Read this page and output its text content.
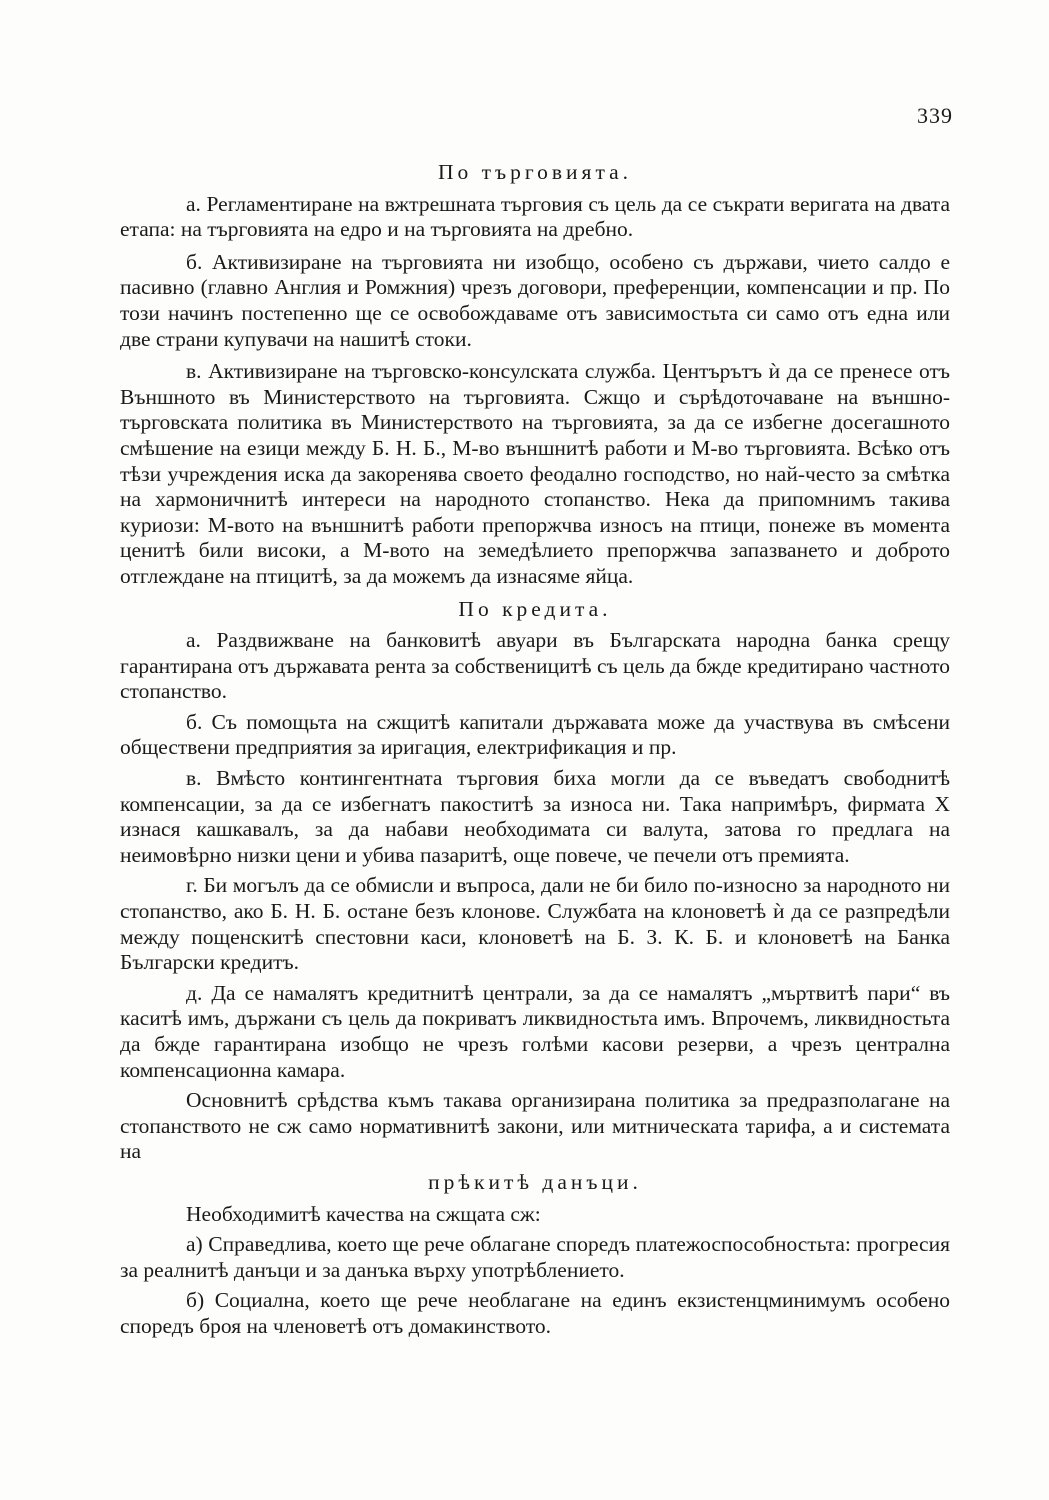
339
По търговията.

а. Регламентиране на вжтрешната търговия съ цель да се съкрати веригата на двата етапа: на търговията на едро и на търговията на дребно.

б. Активизиране на търговията ни изобщо, особено съ държави, чието салдо е пасивно (главно Англия и Ромжния) чрезъ договори, преференции, компенсации и пр. По този начинъ постепенно ще се освобождаваме отъ зависимостьта си само отъ една или две страни купувачи на нашитѣ стоки.

в. Активизиране на търговско-консулската служба. Центърътъ ѝ да се пренесе отъ Външното въ Министерството на търговията. Сжщо и сърѣдоточаване на външно-търговската политика въ Министерството на търговията, за да се избегне досегашното смѣшение на езици между Б. Н. Б., М-во външнитѣ работи и М-во търговията. Всѣко отъ тѣзи учреждения иска да закоренява своето феодално господство, но най-често за смѣтка на хармоничнитѣ интереси на народното стопанство. Нека да припомнимъ такива куриози: М-вото на външнитѣ работи препоржчва износъ на птици, понеже въ момента ценитѣ били високи, а М-вото на земедѣлието препоржчва запазването и доброто отглеждане на птицитѣ, за да можемъ да изнасяме яйца.

По кредита.

а. Раздвижване на банковитѣ авуари въ Българската народна банка срещу гарантирана отъ държавата рента за собственицитѣ съ цель да бжде кредитирано частното стопанство.

б. Съ помощьта на сжщитѣ капитали държавата може да участвува въ смѣсени обществени предприятия за иригация, електрификация и пр.

в. Вмѣсто контингентната търговия бихa могли да се въведатъ свободнитѣ компенсации, за да се избегнатъ пакоститѣ за износа ни. Така напримѣръ, фирмата Х изнася кашкавалъ, за да набави необходимата си валута, затова го предлага на неимовѣрно низки цени и убива пазаритѣ, още повече, че печели отъ премията.

г. Би могълъ да се обмисли и въпроса, дали не би било по-износно за народното ни стопанство, ако Б. Н. Б. остане безъ клонове. Службата на клоноветѣ ѝ да се разпредѣли между пощенскитѣ спестовни каси, клоноветѣ на Б. З. К. Б. и клоноветѣ на Банка Български кредитъ.

д. Да се намалятъ кредитнитѣ централи, за да се намалятъ „мъртвитѣ пари“ въ каситѣ имъ, държани съ цель да покриватъ ликвидностьта имъ. Впрочемъ, ликвидностьта да бжде гарантирана изобщо не чрезъ голѣми касови резерви, а чрезъ централна компенсационна камара.

Основнитѣ срѣдства къмъ такава организирана политика за предразполагане на стопанството не сж само нормативнитѣ закони, или митническата тарифа, а и системата на

прѣкитѣ данъци.

Необходимитѣ качества на сжщата сж:

а) Справедлива, което ще рече облагане споредъ платежоспособностьта: прогресия за реалнитѣ данъци и за данъка върху употрѣблението.

б) Социална, което ще рече необлагане на единъ екзистенцминимумъ особено споредъ броя на членоветѣ отъ домакинството.
